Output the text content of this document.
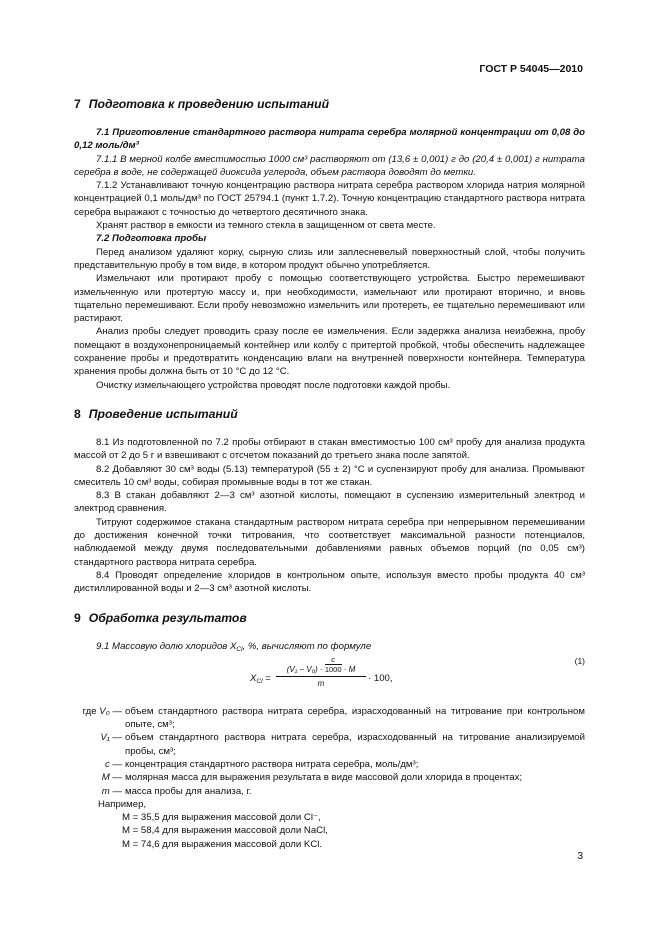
ГОСТ Р 54045—2010
7 Подготовка к проведению испытаний

7.1 Приготовление стандартного раствора нитрата серебра молярной концентрации от 0,08 до 0,12 моль/дм³

7.1.1 В мерной колбе вместимостью 1000 см³ растворяют от (13,6 ± 0,001) г до (20,4 ± 0,001) г нитрата серебра в воде, не содержащей диоксида углерода, объем раствора доводят до метки.

7.1.2 Устанавливают точную концентрацию раствора нитрата серебра раствором хлорида натрия молярной концентрацией 0,1 моль/дм³ по ГОСТ 25794.1 (пункт 1.7.2). Точную концентрацию стандартного раствора нитрата серебра выражают с точностью до четвертого десятичного знака.

Хранят раствор в емкости из темного стекла в защищенном от света месте.

7.2 Подготовка пробы

Перед анализом удаляют корку, сырную слизь или заплесневелый поверхностный слой, чтобы получить представительную пробу в том виде, в котором продукт обычно употребляется.

Измельчают или протирают пробу с помощью соответствующего устройства. Быстро перемешивают измельченную или протертую массу и, при необходимости, измельчают или протирают вторично, и вновь тщательно перемешивают. Если пробу невозможно измельчить или протереть, ее тщательно перемешивают или растирают.

Анализ пробы следует проводить сразу после ее измельчения. Если задержка анализа неизбежна, пробу помещают в воздухонепроницаемый контейнер или колбу с притертой пробкой, чтобы обеспечить надлежащее сохранение пробы и предотвратить конденсацию влаги на внутренней поверхности контейнера. Температура хранения пробы должна быть от 10 °С до 12 °С.

Очистку измельчающего устройства проводят после подготовки каждой пробы.

8 Проведение испытаний

8.1 Из подготовленной по 7.2 пробы отбирают в стакан вместимостью 100 см³ пробу для анализа продукта массой от 2 до 5 г и взвешивают с отсчетом показаний до третьего знака после запятой.

8.2 Добавляют 30 см³ воды (5.13) температурой (55 ± 2) °С и суспензируют пробу для анализа. Промывают смеситель 10 см³ воды, собирая промывные воды в тот же стакан.

8.3 В стакан добавляют 2—3 см³ азотной кислоты, помещают в суспензию измерительный электрод и электрод сравнения.

Титруют содержимое стакана стандартным раствором нитрата серебра при непрерывном перемешивании до достижения конечной точки титрования, что соответствует максимальной разности потенциалов, наблюдаемой между двумя последовательными добавлениями равных объемов порций (по 0,05 см³) стандартного раствора нитрата серебра.

8.4 Проводят определение хлоридов в контрольном опыте, используя вместо пробы продукта 40 см³ дистиллированной воды и 2—3 см³ азотной кислоты.

9 Обработка результатов

9.1 Массовую долю хлоридов $X_{Cl}$, %, вычисляют по формуле

$X_{Cl}$ =
$(V_1 - V_0) \cdot \frac{c}{1000} \cdot M$
m	· 100,
(1)
где V₀ — объем стандартного раствора нитрата серебра, израсходованный на титрование при контрольном опыте, см³;
V₁ — объем стандартного раствора нитрата серебра, израсходованный на титрование анализируемой пробы, см³;
c — концентрация стандартного раствора нитрата серебра, моль/дм³;
M — молярная масса для выражения результата в виде массовой доли хлорида в процентах;
m — масса пробы для анализа, г.

Например,

M = 35,5 для выражения массовой доли Cl⁻,

M = 58,4 для выражения массовой доли NaCl,

M = 74,6 для выражения массовой доли KCl.

3
